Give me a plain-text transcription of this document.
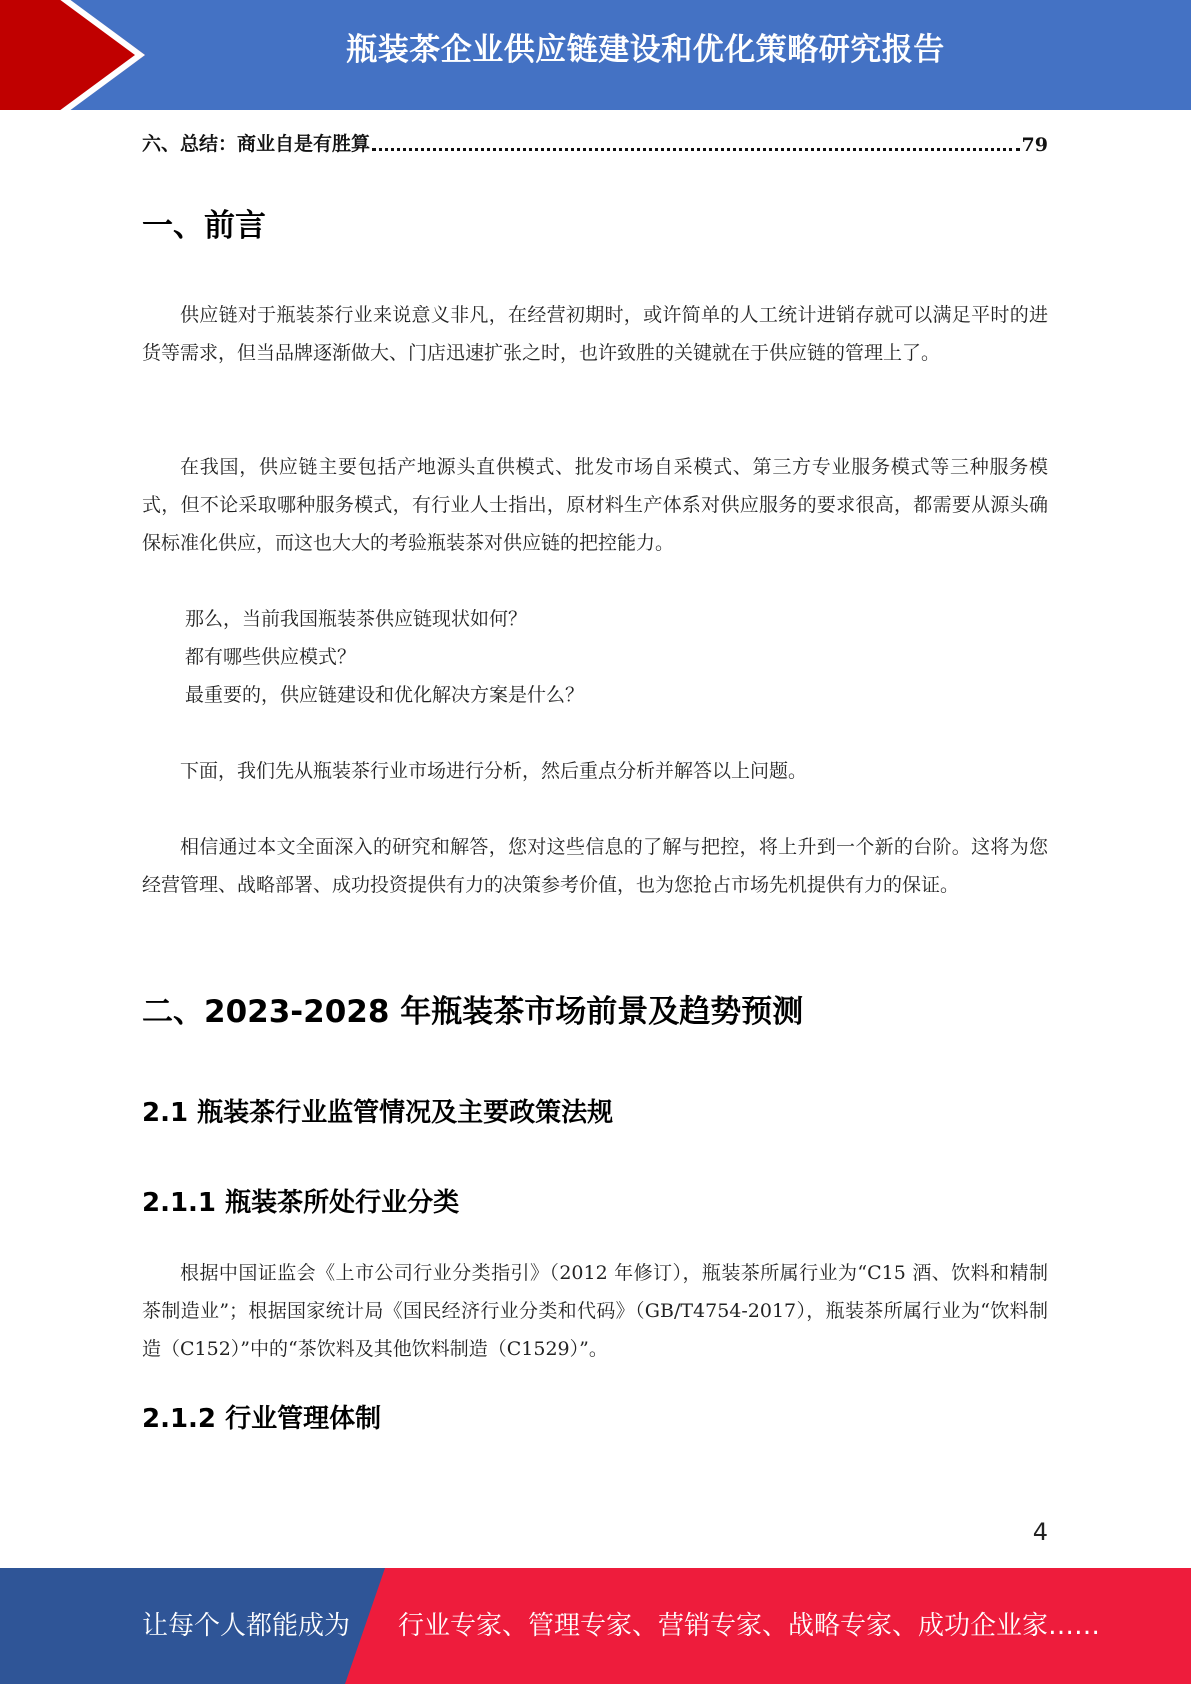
瓶装茶企业供应链建设和优化策略研究报告
六、总结：商业自是有胜算	79
一、前言
供应链对于瓶装茶行业来说意义非凡，在经营初期时，或许简单的人工统计进销存就可以满足平时的进货等需求，但当品牌逐渐做大、门店迅速扩张之时，也许致胜的关键就在于供应链的管理上了。
在我国，供应链主要包括产地源头直供模式、批发市场自采模式、第三方专业服务模式等三种服务模式，但不论采取哪种服务模式，有行业人士指出，原材料生产体系对供应服务的要求很高，都需要从源头确保标准化供应，而这也大大的考验瓶装茶对供应链的把控能力。
那么，当前我国瓶装茶供应链现状如何？
都有哪些供应模式？
最重要的，供应链建设和优化解决方案是什么？
下面，我们先从瓶装茶行业市场进行分析，然后重点分析并解答以上问题。
相信通过本文全面深入的研究和解答，您对这些信息的了解与把控，将上升到一个新的台阶。这将为您经营管理、战略部署、成功投资提供有力的决策参考价值，也为您抢占市场先机提供有力的保证。
二、2023-2028 年瓶装茶市场前景及趋势预测
2.1 瓶装茶行业监管情况及主要政策法规
2.1.1 瓶装茶所处行业分类
根据中国证监会《上市公司行业分类指引》（2012 年修订），瓶装茶所属行业为“C15 酒、饮料和精制茶制造业”；根据国家统计局《国民经济行业分类和代码》（GB/T4754-2017），瓶装茶所属行业为“饮料制造（C152）”中的“茶饮料及其他饮料制造（C1529）”。
2.1.2 行业管理体制
4
让每个人都能成为 行业专家、管理专家、营销专家、战略专家、成功企业家……
